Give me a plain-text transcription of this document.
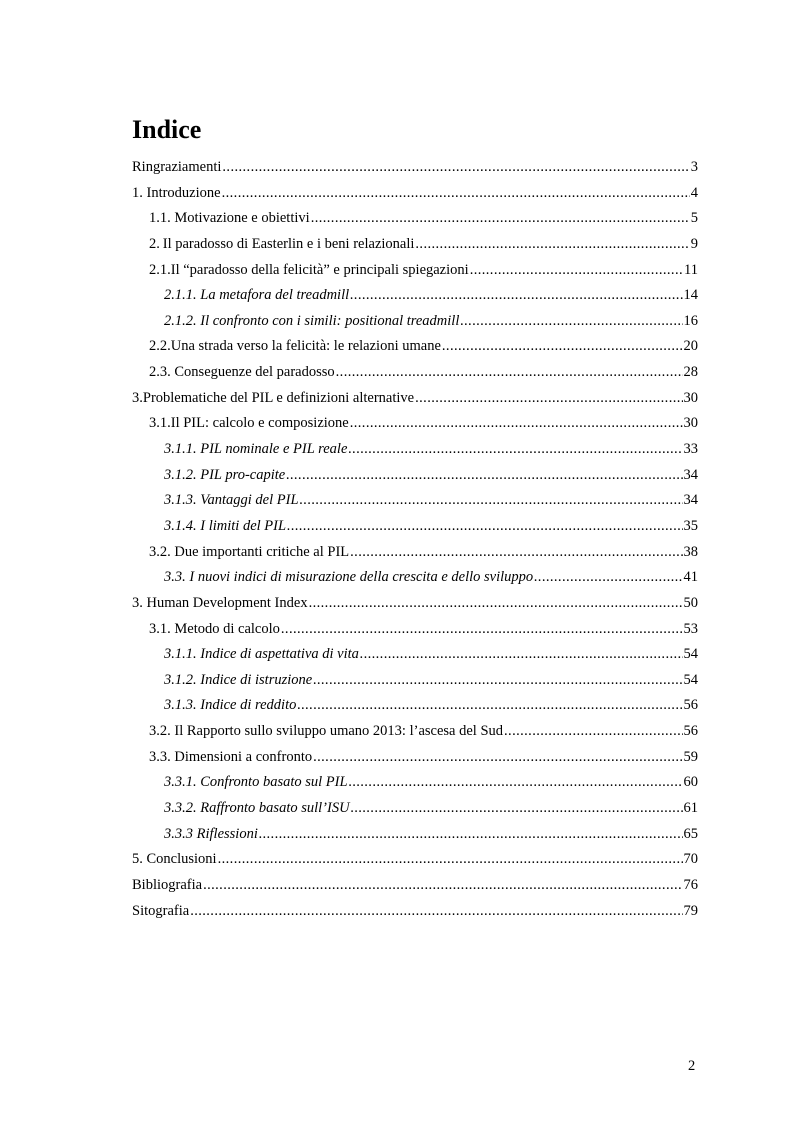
Indice
Ringraziamenti .....	3
1. Introduzione .....	4
1.1. Motivazione e obiettivi .....	5
2. Il paradosso di Easterlin e i beni relazionali .....	9
2.1. Il “paradosso della felicità” e principali spiegazioni .....	11
2.1.1. La metafora del treadmill .....	14
2.1.2. Il confronto con i simili: positional treadmill .....	16
2.2. Una strada verso la felicità: le relazioni umane .....	20
2.3. Conseguenze del paradosso .....	28
3. Problematiche del PIL e definizioni alternative .....	30
3.1. Il PIL: calcolo e composizione .....	30
3.1.1. PIL nominale e PIL reale .....	33
3.1.2. PIL pro-capite .....	34
3.1.3. Vantaggi del PIL .....	34
3.1.4. I limiti del PIL .....	35
3.2. Due importanti critiche al PIL .....	38
3.3. I nuovi indici di misurazione della crescita e dello sviluppo .....	41
3. Human Development Index .....	50
3.1. Metodo di calcolo .....	53
3.1.1. Indice di aspettativa di vita .....	54
3.1.2. Indice di istruzione .....	54
3.1.3. Indice di reddito .....	56
3.2. Il Rapporto sullo sviluppo umano 2013: l’ascesa del Sud .....	56
3.3. Dimensioni a confronto .....	59
3.3.1. Confronto basato sul PIL .....	60
3.3.2. Raffronto basato sull’ISU .....	61
3.3.3 Riflessioni .....	65
5. Conclusioni .....	70
Bibliografia .....	76
Sitografia .....	79
2
